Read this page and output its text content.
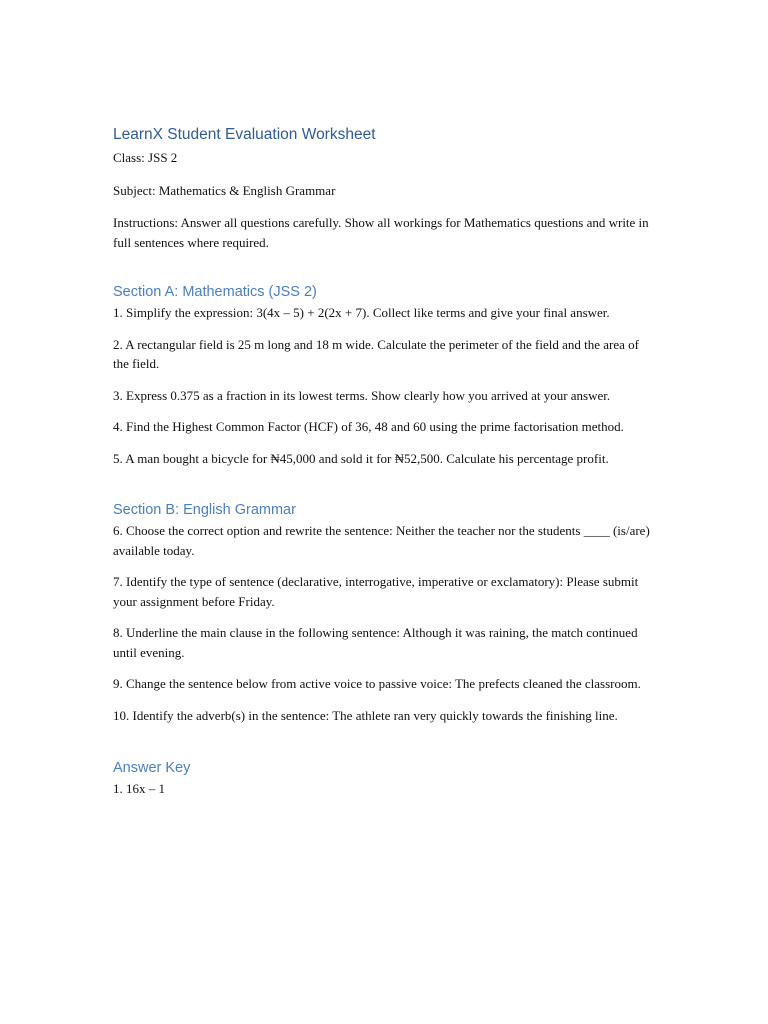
LearnX Student Evaluation Worksheet

Class: JSS 2

Subject: Mathematics & English Grammar

Instructions: Answer all questions carefully. Show all workings for Mathematics questions and write in full sentences where required.

Section A: Mathematics (JSS 2)

1. Simplify the expression: 3(4x – 5) + 2(2x + 7). Collect like terms and give your final answer.

2. A rectangular field is 25 m long and 18 m wide. Calculate the perimeter of the field and the area of the field.

3. Express 0.375 as a fraction in its lowest terms. Show clearly how you arrived at your answer.

4. Find the Highest Common Factor (HCF) of 36, 48 and 60 using the prime factorisation method.

5. A man bought a bicycle for ₦45,000 and sold it for ₦52,500. Calculate his percentage profit.

Section B: English Grammar

6. Choose the correct option and rewrite the sentence: Neither the teacher nor the students ____ (is/are) available today.

7. Identify the type of sentence (declarative, interrogative, imperative or exclamatory): Please submit your assignment before Friday.

8. Underline the main clause in the following sentence: Although it was raining, the match continued until evening.

9. Change the sentence below from active voice to passive voice: The prefects cleaned the classroom.

10. Identify the adverb(s) in the sentence: The athlete ran very quickly towards the finishing line.

Answer Key

1. 16x – 1
